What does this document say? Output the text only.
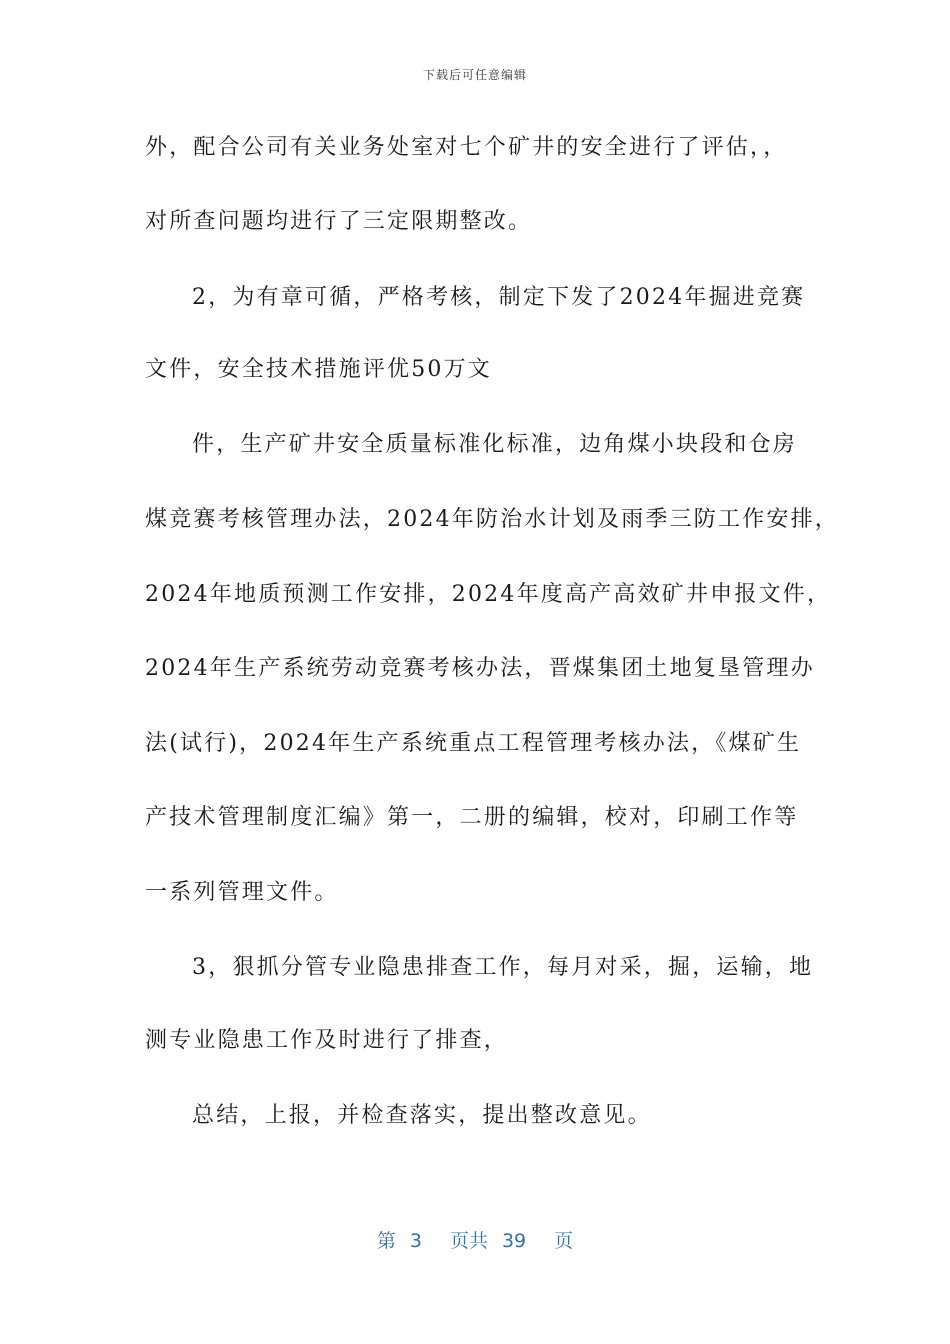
下载后可任意编辑
外，配合公司有关业务处室对七个矿井的安全进行了评估，，
对所查问题均进行了三定限期整改。
2，为有章可循，严格考核，制定下发了2024年掘进竞赛
文件，安全技术措施评优50万文
件，生产矿井安全质量标准化标准，边角煤小块段和仓房
煤竞赛考核管理办法，2024年防治水计划及雨季三防工作安排，
2024年地质预测工作安排，2024年度高产高效矿井申报文件，
2024年生产系统劳动竞赛考核办法，晋煤集团土地复垦管理办
法(试行)，2024年生产系统重点工程管理考核办法，《煤矿生
产技术管理制度汇编》第一，二册的编辑，校对，印刷工作等
一系列管理文件。
3，狠抓分管专业隐患排查工作，每月对采，掘，运输，地
测专业隐患工作及时进行了排查，
总结，上报，并检查落实，提出整改意见。
第 3 页共 39 页
